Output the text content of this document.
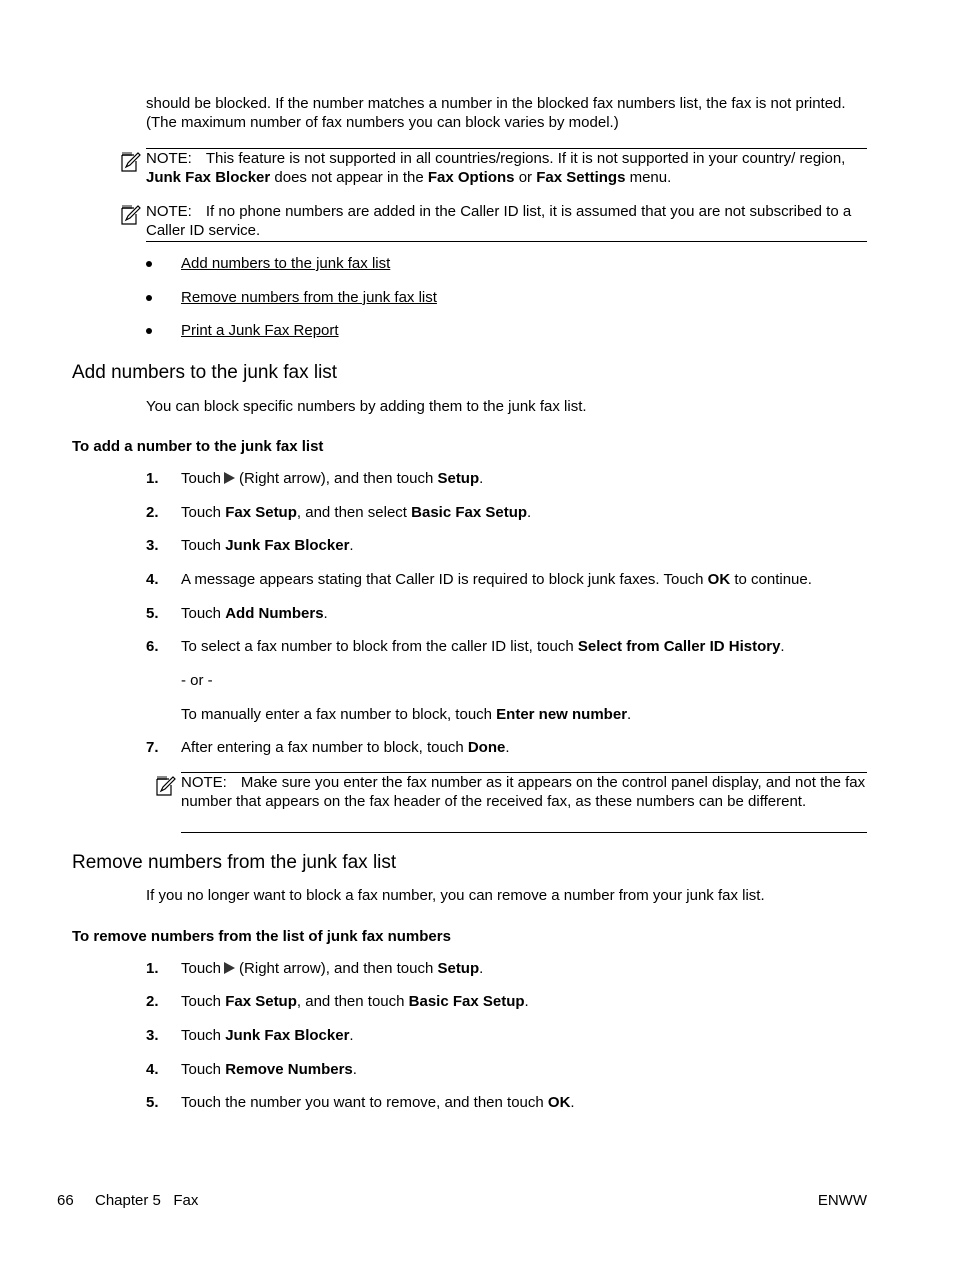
should be blocked. If the number matches a number in the blocked fax numbers list, the fax is not printed. (The maximum number of fax numbers you can block varies by model.)
NOTE: This feature is not supported in all countries/regions. If it is not supported in your country/ region, Junk Fax Blocker does not appear in the Fax Options or Fax Settings menu.
NOTE: If no phone numbers are added in the Caller ID list, it is assumed that you are not subscribed to a Caller ID service.
Add numbers to the junk fax list
Remove numbers from the junk fax list
Print a Junk Fax Report
Add numbers to the junk fax list
You can block specific numbers by adding them to the junk fax list.
To add a number to the junk fax list
1. Touch (Right arrow), and then touch Setup.
2. Touch Fax Setup, and then select Basic Fax Setup.
3. Touch Junk Fax Blocker.
4. A message appears stating that Caller ID is required to block junk faxes. Touch OK to continue.
5. Touch Add Numbers.
6. To select a fax number to block from the caller ID list, touch Select from Caller ID History.
- or -
To manually enter a fax number to block, touch Enter new number.
7. After entering a fax number to block, touch Done.
NOTE: Make sure you enter the fax number as it appears on the control panel display, and not the fax number that appears on the fax header of the received fax, as these numbers can be different.
Remove numbers from the junk fax list
If you no longer want to block a fax number, you can remove a number from your junk fax list.
To remove numbers from the list of junk fax numbers
1. Touch (Right arrow), and then touch Setup.
2. Touch Fax Setup, and then touch Basic Fax Setup.
3. Touch Junk Fax Blocker.
4. Touch Remove Numbers.
5. Touch the number you want to remove, and then touch OK.
66 Chapter 5   Fax	ENWW
